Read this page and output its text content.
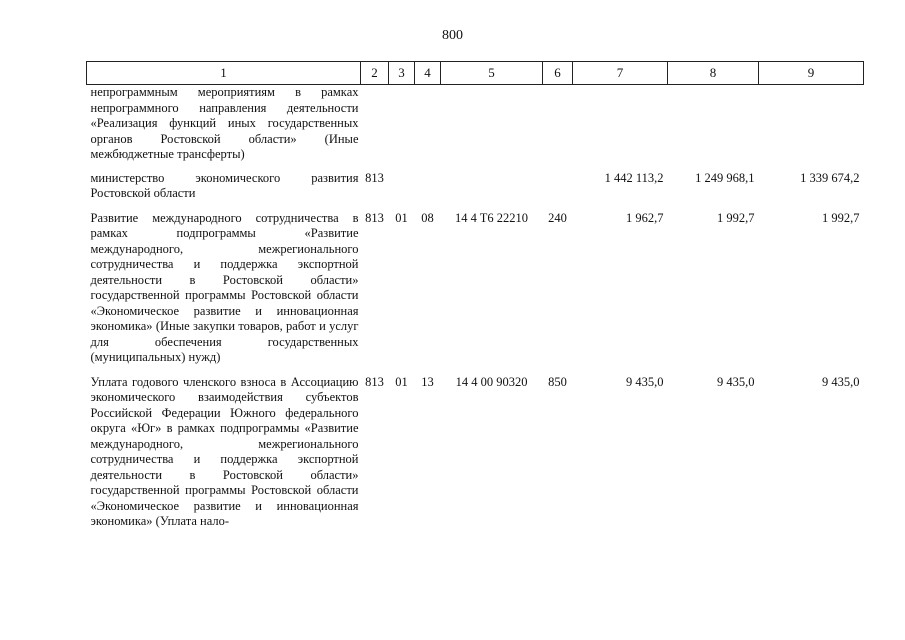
800
1	2	3	4	5	6	7	8	9
непрограммным мероприятиям в рамках непрограммного направления деятельности «Реализация функций иных государственных органов Ростовской области» (Иные межбюджетные трансферты)								
министерство экономического развития Ростовской области	813					1 442 113,2	1 249 968,1	1 339 674,2
Развитие международного сотрудничества в рамках подпрограммы «Развитие международного, межрегионального сотрудничества и поддержка экспортной деятельности в Ростовской области» государственной программы Ростовской области «Экономическое развитие и инновационная экономика» (Иные закупки товаров, работ и услуг для обеспечения государственных (муниципальных) нужд)	813	01	08	14 4 T6 22210	240	1 962,7	1 992,7	1 992,7
Уплата годового членского взноса в Ассоциацию экономического взаимодействия субъектов Российской Федерации Южного федерального округа «Юг» в рамках подпрограммы «Развитие международного, межрегионального сотрудничества и поддержка экспортной деятельности в Ростовской области» государственной программы Ростовской области «Экономическое развитие и инновационная экономика» (Уплата нало-	813	01	13	14 4 00 90320	850	9 435,0	9 435,0	9 435,0
